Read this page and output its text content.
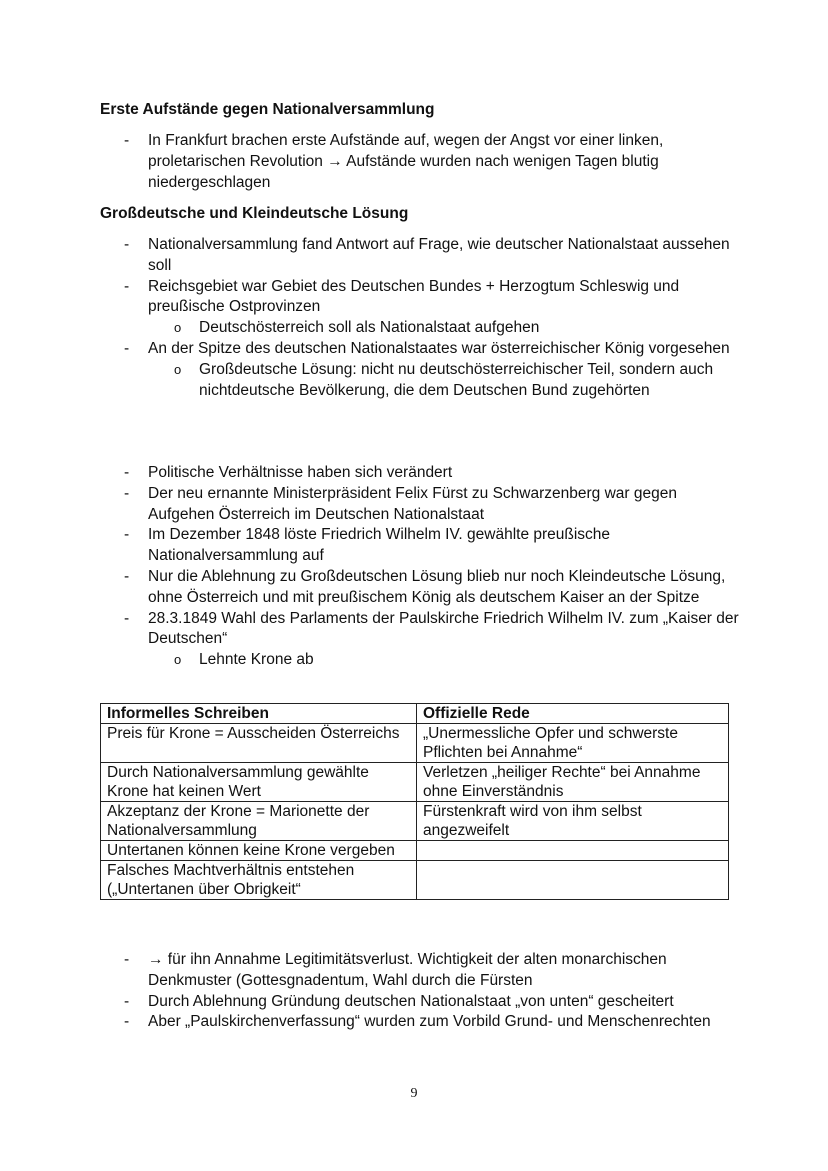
Erste Aufstände gegen Nationalversammlung
- In Frankfurt brachen erste Aufstände auf, wegen der Angst vor einer linken, proletarischen Revolution → Aufstände wurden nach wenigen Tagen blutig niedergeschlagen
Großdeutsche und Kleindeutsche Lösung
- Nationalversammlung fand Antwort auf Frage, wie deutscher Nationalstaat aussehen soll
- Reichsgebiet war Gebiet des Deutschen Bundes + Herzogtum Schleswig und preußische Ostprovinzen
o Deutschösterreich soll als Nationalstaat aufgehen
- An der Spitze des deutschen Nationalstaates war österreichischer König vorgesehen
o Großdeutsche Lösung: nicht nu deutschösterreichischer Teil, sondern auch nichtdeutsche Bevölkerung, die dem Deutschen Bund zugehörten
- Politische Verhältnisse haben sich verändert
- Der neu ernannte Ministerpräsident Felix Fürst zu Schwarzenberg war gegen Aufgehen Österreich im Deutschen Nationalstaat
- Im Dezember 1848 löste Friedrich Wilhelm IV. gewählte preußische Nationalversammlung auf
- Nur die Ablehnung zu Großdeutschen Lösung blieb nur noch Kleindeutsche Lösung, ohne Österreich und mit preußischem König als deutschem Kaiser an der Spitze
- 28.3.1849 Wahl des Parlaments der Paulskirche Friedrich Wilhelm IV. zum „Kaiser der Deutschen“
o Lehnte Krone ab
Informelles Schreiben	Offizielle Rede
Preis für Krone = Ausscheiden Österreichs	„Unermessliche Opfer und schwerste Pflichten bei Annahme“
Durch Nationalversammlung gewählte Krone hat keinen Wert	Verletzen „heiliger Rechte“ bei Annahme ohne Einverständnis
Akzeptanz der Krone = Marionette der Nationalversammlung	Fürstenkraft wird von ihm selbst angezweifelt
Untertanen können keine Krone vergeben	
Falsches Machtverhältnis entstehen („Untertanen über Obrigkeit“	
- → für ihn Annahme Legitimitätsverlust. Wichtigkeit der alten monarchischen Denkmuster (Gottesgnadentum, Wahl durch die Fürsten
- Durch Ablehnung Gründung deutschen Nationalstaat „von unten“ gescheitert
- Aber „Paulskirchenverfassung“ wurden zum Vorbild Grund- und Menschenrechten
9
